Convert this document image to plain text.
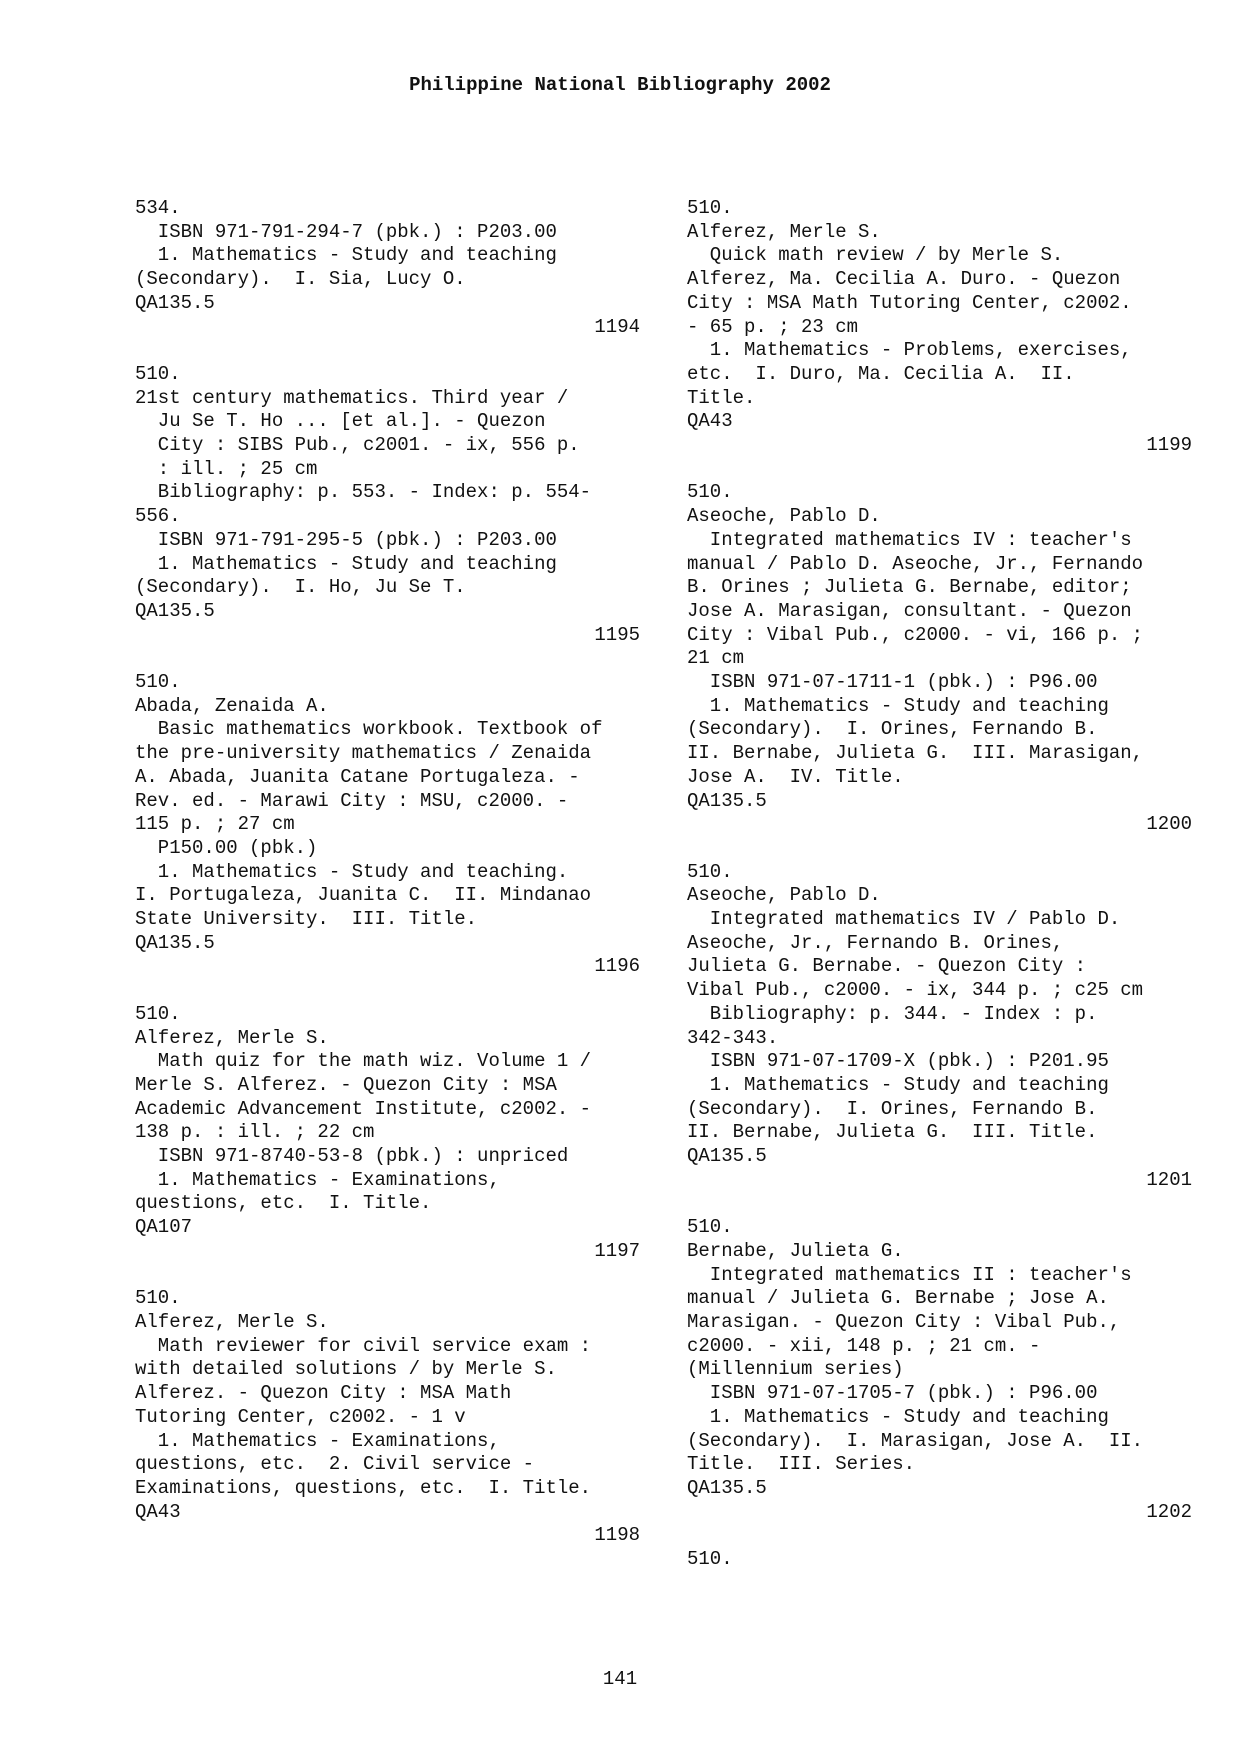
Philippine National Bibliography 2002
534.
ISBN 971-791-294-7 (pbk.) : P203.00
1. Mathematics - Study and teaching
(Secondary).  I. Sia, Lucy O.
QA135.5
1194
510.
21st century mathematics. Third year /
Ju Se T. Ho ... [et al.]. - Quezon
City : SIBS Pub., c2001. - ix, 556 p.
: ill. ; 25 cm
Bibliography: p. 553. - Index: p. 554-
556.
ISBN 971-791-295-5 (pbk.) : P203.00
1. Mathematics - Study and teaching
(Secondary).  I. Ho, Ju Se T.
QA135.5
1195
510.
Abada, Zenaida A.
Basic mathematics workbook. Textbook of
the pre-university mathematics / Zenaida
A. Abada, Juanita Catane Portugaleza. -
Rev. ed. - Marawi City : MSU, c2000. -
115 p. ; 27 cm
P150.00 (pbk.)
1. Mathematics - Study and teaching.
I. Portugaleza, Juanita C.  II. Mindanao
State University.  III. Title.
QA135.5
1196
510.
Alferez, Merle S.
Math quiz for the math wiz. Volume 1 /
Merle S. Alferez. - Quezon City : MSA
Academic Advancement Institute, c2002. -
138 p. : ill. ; 22 cm
ISBN 971-8740-53-8 (pbk.) : unpriced
1. Mathematics - Examinations,
questions, etc.  I. Title.
QA107
1197
510.
Alferez, Merle S.
Math reviewer for civil service exam :
with detailed solutions / by Merle S.
Alferez. - Quezon City : MSA Math
Tutoring Center, c2002. - 1 v
1. Mathematics - Examinations,
questions, etc.  2. Civil service -
Examinations, questions, etc.  I. Title.
QA43
1198
510.
Alferez, Merle S.
Quick math review / by Merle S.
Alferez, Ma. Cecilia A. Duro. - Quezon
City : MSA Math Tutoring Center, c2002.
- 65 p. ; 23 cm
1. Mathematics - Problems, exercises,
etc.  I. Duro, Ma. Cecilia A.  II.
Title.
QA43
1199
510.
Aseoche, Pablo D.
Integrated mathematics IV : teacher's
manual / Pablo D. Aseoche, Jr., Fernando
B. Orines ; Julieta G. Bernabe, editor;
Jose A. Marasigan, consultant. - Quezon
City : Vibal Pub., c2000. - vi, 166 p. ;
21 cm
ISBN 971-07-1711-1 (pbk.) : P96.00
1. Mathematics - Study and teaching
(Secondary).  I. Orines, Fernando B.
II. Bernabe, Julieta G.  III. Marasigan,
Jose A.  IV. Title.
QA135.5
1200
510.
Aseoche, Pablo D.
Integrated mathematics IV / Pablo D.
Aseoche, Jr., Fernando B. Orines,
Julieta G. Bernabe. - Quezon City :
Vibal Pub., c2000. - ix, 344 p. ; c25 cm
Bibliography: p. 344. - Index : p.
342-343.
ISBN 971-07-1709-X (pbk.) : P201.95
1. Mathematics - Study and teaching
(Secondary).  I. Orines, Fernando B.
II. Bernabe, Julieta G.  III. Title.
QA135.5
1201
510.
Bernabe, Julieta G.
Integrated mathematics II : teacher's
manual / Julieta G. Bernabe ; Jose A.
Marasigan. - Quezon City : Vibal Pub.,
c2000. - xii, 148 p. ; 21 cm. -
(Millennium series)
ISBN 971-07-1705-7 (pbk.) : P96.00
1. Mathematics - Study and teaching
(Secondary).  I. Marasigan, Jose A.  II.
Title.  III. Series.
QA135.5
1202
510.
141
